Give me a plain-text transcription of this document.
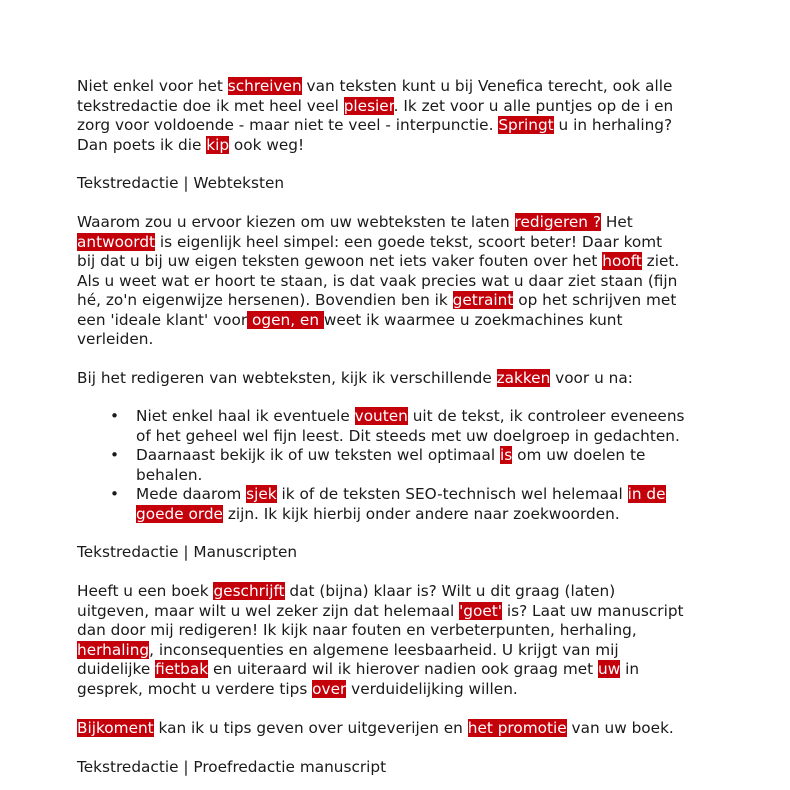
Niet enkel voor het schreiven van teksten kunt u bij Venefica terecht, ook alle
tekstredactie doe ik met heel veel plesier. Ik zet voor u alle puntjes op de i en
zorg voor voldoende - maar niet te veel - interpunctie. Springt u in herhaling?
Dan poets ik die kip ook weg!
Tekstredactie | Webteksten
Waarom zou u ervoor kiezen om uw webteksten te laten redigeren ? Het
antwoordt is eigenlijk heel simpel: een goede tekst, scoort beter! Daar komt
bij dat u bij uw eigen teksten gewoon net iets vaker fouten over het hooft ziet.
Als u weet wat er hoort te staan, is dat vaak precies wat u daar ziet staan (fijn
hé, zo'n eigenwijze hersenen). Bovendien ben ik getraint op het schrijven met
een 'ideale klant' voor ogen, en weet ik waarmee u zoekmachines kunt
verleiden.
Bij het redigeren van webteksten, kijk ik verschillende zakken voor u na:
• Niet enkel haal ik eventuele vouten uit de tekst, ik controleer eveneens
of het geheel wel fijn leest. Dit steeds met uw doelgroep in gedachten.
• Daarnaast bekijk ik of uw teksten wel optimaal is om uw doelen te
behalen.
• Mede daarom sjek ik of de teksten SEO-technisch wel helemaal in de
goede orde zijn. Ik kijk hierbij onder andere naar zoekwoorden.
Tekstredactie | Manuscripten
Heeft u een boek geschrijft dat (bijna) klaar is? Wilt u dit graag (laten)
uitgeven, maar wilt u wel zeker zijn dat helemaal 'goet' is? Laat uw manuscript
dan door mij redigeren! Ik kijk naar fouten en verbeterpunten, herhaling,
herhaling, inconsequenties en algemene leesbaarheid. U krijgt van mij
duidelijke fietbak en uiteraard wil ik hierover nadien ook graag met uw in
gesprek, mocht u verdere tips over verduidelijking willen.
Bijkoment kan ik u tips geven over uitgeverijen en het promotie van uw boek.
Tekstredactie | Proefredactie manuscript
